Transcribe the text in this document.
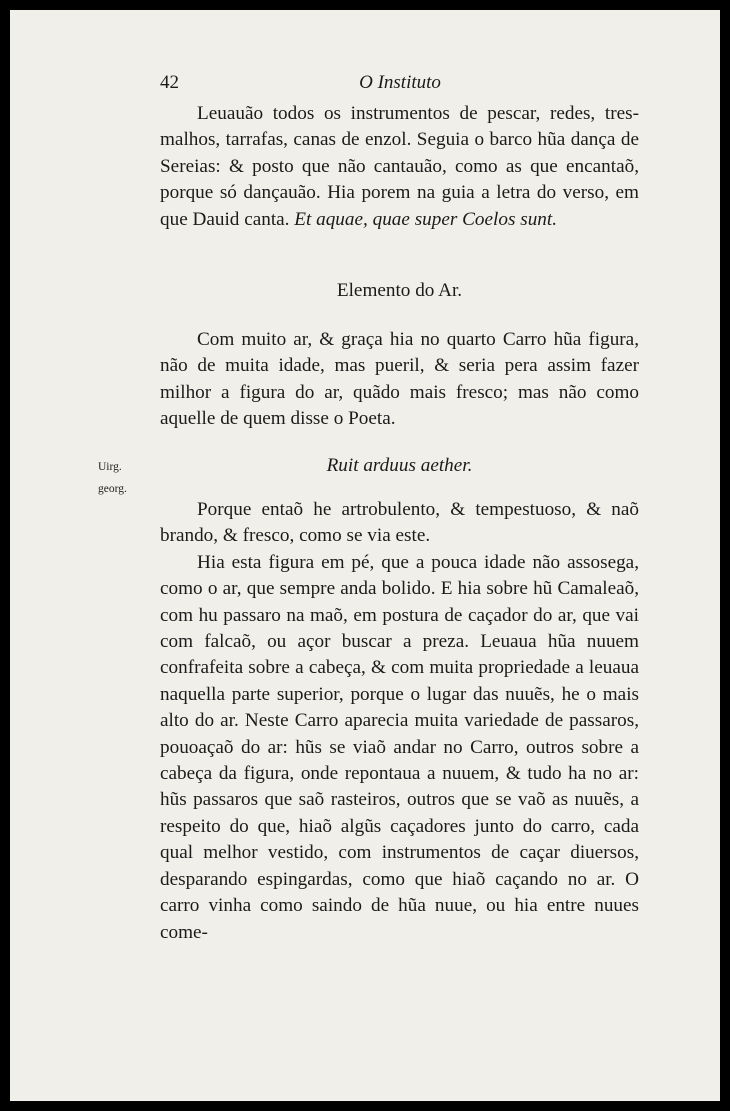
42	O Instituto

Leuauão todos os instrumentos de pescar, redes, tres-malhos, tarrafas, canas de enzol. Seguia o barco hũa dança de Sereias: & posto que não cantauão, como as que encantaõ, porque só dançauão. Hia porem na guia a letra do verso, em que Dauid canta. Et aquae, quae super Coelos sunt.

Elemento do Ar.

Com muito ar, & graça hia no quarto Carro hũa figura, não de muita idade, mas pueril, & seria pera assim fazer milhor a figura do ar, quãdo mais fresco; mas não como aquelle de quem disse o Poeta.

Uirg.
georg.
Ruit arduus aether.

Porque entaõ he artrobulento, & tempestuoso, & naõ brando, & fresco, como se via este.

Hia esta figura em pé, que a pouca idade não assosega, como o ar, que sempre anda bolido. E hia sobre hũ Camaleaõ, com hu passaro na maõ, em postura de caçador do ar, que vai com falcaõ, ou açor buscar a preza. Leuaua hũa nuuem confrafeita sobre a cabeça, & com muita propriedade a leuaua naquella parte superior, porque o lugar das nuuẽs, he o mais alto do ar. Neste Carro aparecia muita variedade de passaros, pouoaçaõ do ar: hũs se viaõ andar no Carro, outros sobre a cabeça da figura, onde repontaua a nuuem, & tudo ha no ar: hũs passaros que saõ rasteiros, outros que se vaõ as nuuẽs, a respeito do que, hiaõ algũs caçadores junto do carro, cada qual melhor vestido, com instrumentos de caçar diuersos, desparando espingardas, como que hiaõ caçando no ar. O carro vinha como saindo de hũa nuue, ou hia entre nuues come-
